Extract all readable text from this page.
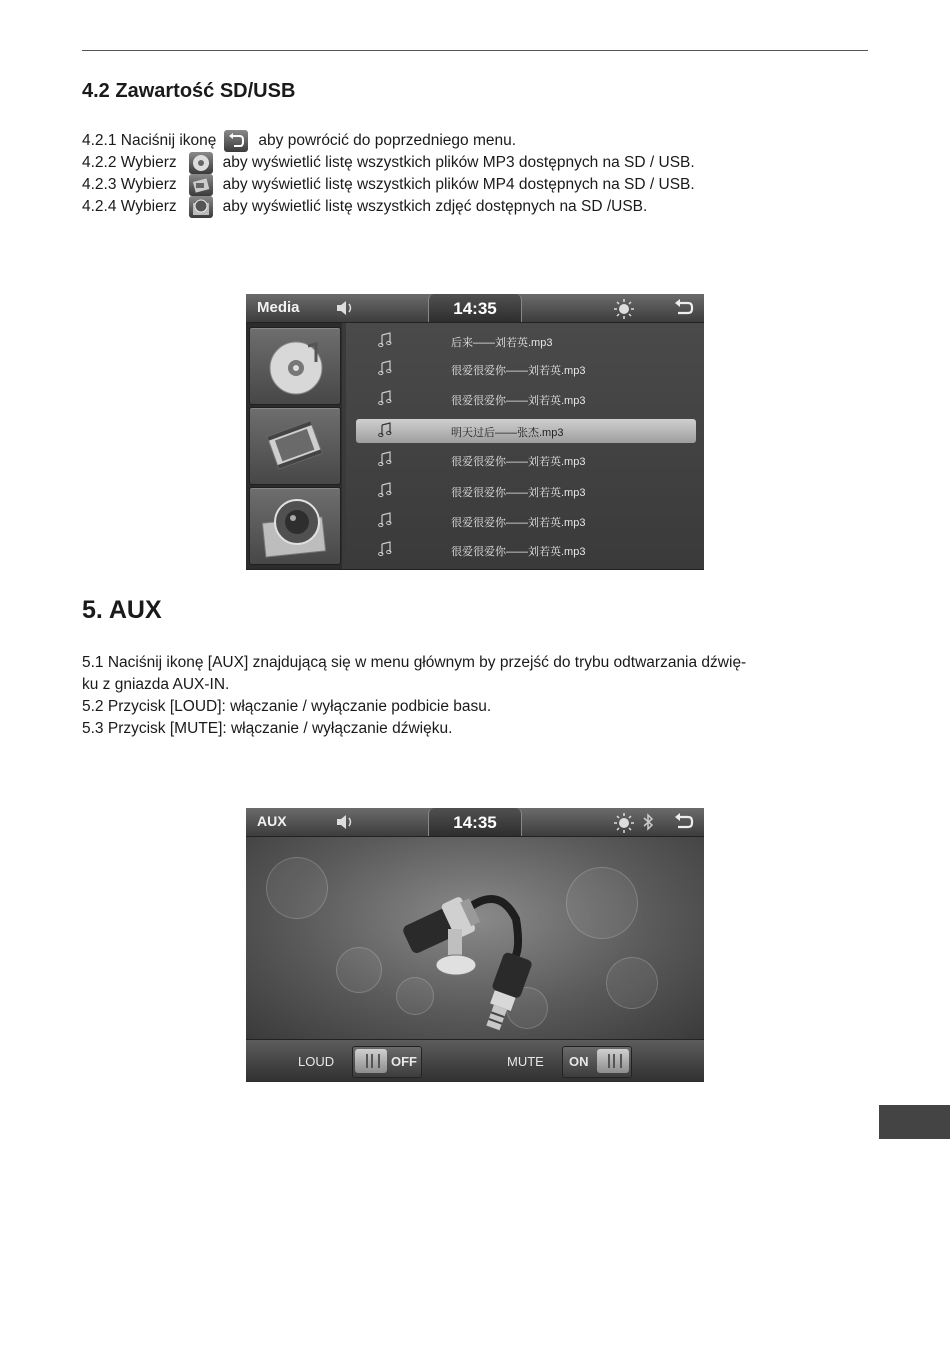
4.2 Zawartość SD/USB
4.2.1 Naciśnij ikonę	aby powrócić do poprzedniego menu.
4.2.2 Wybierz	aby wyświetlić listę wszystkich plików MP3 dostępnych na SD / USB.
4.2.3 Wybierz	aby wyświetlić listę wszystkich plików MP4 dostępnych na SD / USB.
4.2.4 Wybierz	aby wyświetlić listę wszystkich zdjęć dostępnych na SD /USB.
Media	14:35
后来——刘若英.mp3
很爱很爱你——刘若英.mp3
很爱很爱你——刘若英.mp3
明天过后——张杰.mp3
很爱很爱你——刘若英.mp3
很爱很爱你——刘若英.mp3
很爱很爱你——刘若英.mp3
很爱很爱你——刘若英.mp3
5. AUX
5.1 Naciśnij ikonę [AUX] znajdującą się w menu głównym by przejść do trybu odtwarzania dźwię-
ku z gniazda AUX-IN.
5.2 Przycisk [LOUD]: włączanie / wyłączanie podbicie basu.
5.3 Przycisk [MUTE]: włączanie / wyłączanie dźwięku.
AUX	14:35
LOUD	OFF	MUTE ON
